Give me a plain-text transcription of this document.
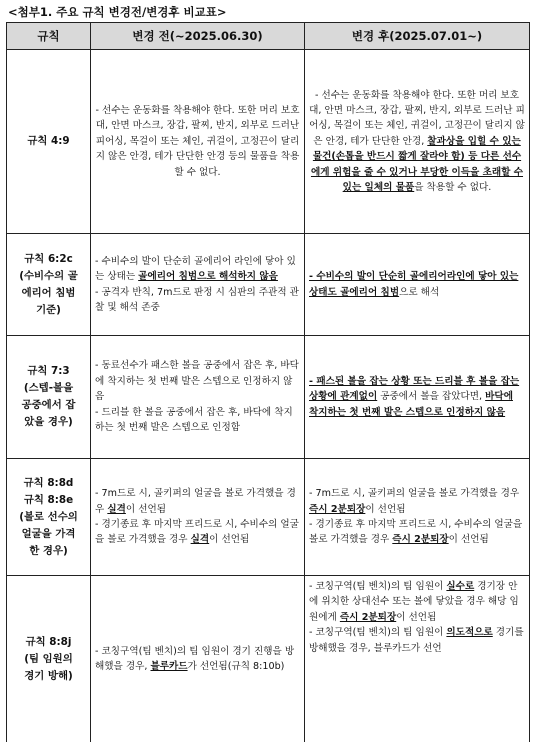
<첨부1. 주요 규칙 변경전/변경후 비교표>
규칙	변경 전(~2025.06.30)	변경 후(2025.07.01~)

규칙 4:9	- 선수는 운동화를 착용해야 한다. 또한 머리 보호대, 안면 마스크, 장갑, 팔찌, 반지, 외부로 드러난 피어싱, 목걸이 또는 체인, 귀걸이, 고정끈이 달리지 않은 안경, 테가 단단한 안경 등의 물품을 착용할 수 없다.	- 선수는 운동화를 착용해야 한다. 또한 머리 보호대, 안면 마스크, 장갑, 팔찌, 반지, 외부로 드러난 피어싱, 목걸이 또는 체인, 귀걸이, 고정끈이 달리지 않은 안경, 테가 단단한 안경, 찰과상을 입힐 수 있는 물건(손톱을 반드시 짧게 잘라야 함) 등 다른 선수에게 위험을 줄 수 있거나 부당한 이득을 초래할 수 있는 일체의 물품을 착용할 수 없다.

규칙 6:2c
(수비수의 골
에리어 침범
기준)	- 수비수의 발이 단순히 골에리어 라인에 닿아 있는 상태는 골에리어 침범으로 해석하지 않음
- 공격자 반칙, 7m드로 판정 시 심판의 주관적 관찰 및 해석 존중	- 수비수의 발이 단순히 골에리어라인에 닿아 있는 상태도 골에리어 침범으로 해석

규칙 7:3
(스텝-볼을
공중에서 잡
았을 경우)	- 동료선수가 패스한 볼을 공중에서 잡은 후, 바닥에 착지하는 첫 번째 발은 스텝으로 인정하지 않음
- 드리블 한 볼을 공중에서 잡은 후, 바닥에 착지하는 첫 번째 발은 스텝으로 인정함	- 패스된 볼을 잡는 상황 또는 드리블 후 볼을 잡는 상황에 관계없이 공중에서 볼을 잡았다면, 바닥에 착지하는 첫 번째 발은 스텝으로 인정하지 않음

규칙 8:8d
규칙 8:8e
(볼로 선수의
얼굴을 가격
한 경우)	- 7m드로 시, 골키퍼의 얼굴을 볼로 가격했을 경우 실격이 선언됨
- 경기종료 후 마지막 프리드로 시, 수비수의 얼굴을 볼로 가격했을 경우 실격이 선언됨	- 7m드로 시, 골키퍼의 얼굴을 볼로 가격했을 경우 즉시 2분퇴장이 선언됨
- 경기종료 후 마지막 프리드로 시, 수비수의 얼굴을 볼로 가격했을 경우 즉시 2분퇴장이 선언됨

규칙 8:8j
(팀 임원의
경기 방해)	- 코칭구역(팀 벤치)의 팀 임원이 경기 진행을 방해했을 경우, 블루카드가 선언됨(규칙 8:10b)	- 코칭구역(팀 벤치)의 팀 임원이 실수로 경기장 안에 위치한 상대선수 또는 볼에 닿았을 경우 해당 임원에게 즉시 2분퇴장이 선언됨
- 코칭구역(팀 벤치)의 팀 임원이 의도적으로 경기를 방해했을 경우, 블루카드가 선언
